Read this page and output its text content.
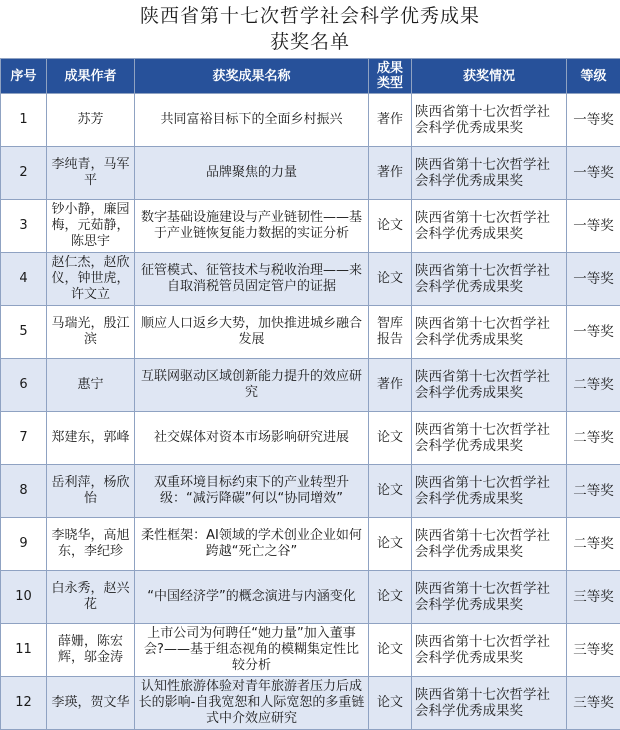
陕西省第十七次哲学社会科学优秀成果
获奖名单
序号	成果作者	获奖成果名称	成果类型	获奖情况	等级

1	苏芳	共同富裕目标下的全面乡村振兴	著作	陕西省第十七次哲学社会科学优秀成果奖	一等奖

2	李纯青，马军平	品牌聚焦的力量	著作	陕西省第十七次哲学社会科学优秀成果奖	一等奖

3	钞小静，廉园梅，元茹静，陈思宇	数字基础设施建设与产业链韧性——基于产业链恢复能力数据的实证分析	论文	陕西省第十七次哲学社会科学优秀成果奖	一等奖

4	赵仁杰，赵欣仪，钟世虎，许文立	征管模式、征管技术与税收治理——来自取消税管员固定管户的证据	论文	陕西省第十七次哲学社会科学优秀成果奖	一等奖

5	马瑞光，殷江滨	顺应人口返乡大势，加快推进城乡融合发展	智库报告	陕西省第十七次哲学社会科学优秀成果奖	一等奖

6	惠宁	互联网驱动区域创新能力提升的效应研究	著作	陕西省第十七次哲学社会科学优秀成果奖	二等奖

7	郑建东，郭峰	社交媒体对资本市场影响研究进展	论文	陕西省第十七次哲学社会科学优秀成果奖	二等奖

8	岳利萍，杨欣怡	双重环境目标约束下的产业转型升级：“减污降碳”何以“协同增效”	论文	陕西省第十七次哲学社会科学优秀成果奖	二等奖

9	李晓华，高旭东，李纪珍	柔性框架：AI领域的学术创业企业如何跨越“死亡之谷”	论文	陕西省第十七次哲学社会科学优秀成果奖	二等奖

10	白永秀，赵兴花	“中国经济学”的概念演进与内涵变化	论文	陕西省第十七次哲学社会科学优秀成果奖	三等奖

11	薛姗，陈宏辉，邬金涛	上市公司为何聘任“她力量”加入董事会?——基于组态视角的模糊集定性比较分析	论文	陕西省第十七次哲学社会科学优秀成果奖	三等奖

12	李瑛，贺文华	认知性旅游体验对青年旅游者压力后成长的影响-自我宽恕和人际宽恕的多重链式中介效应研究	论文	陕西省第十七次哲学社会科学优秀成果奖	三等奖
